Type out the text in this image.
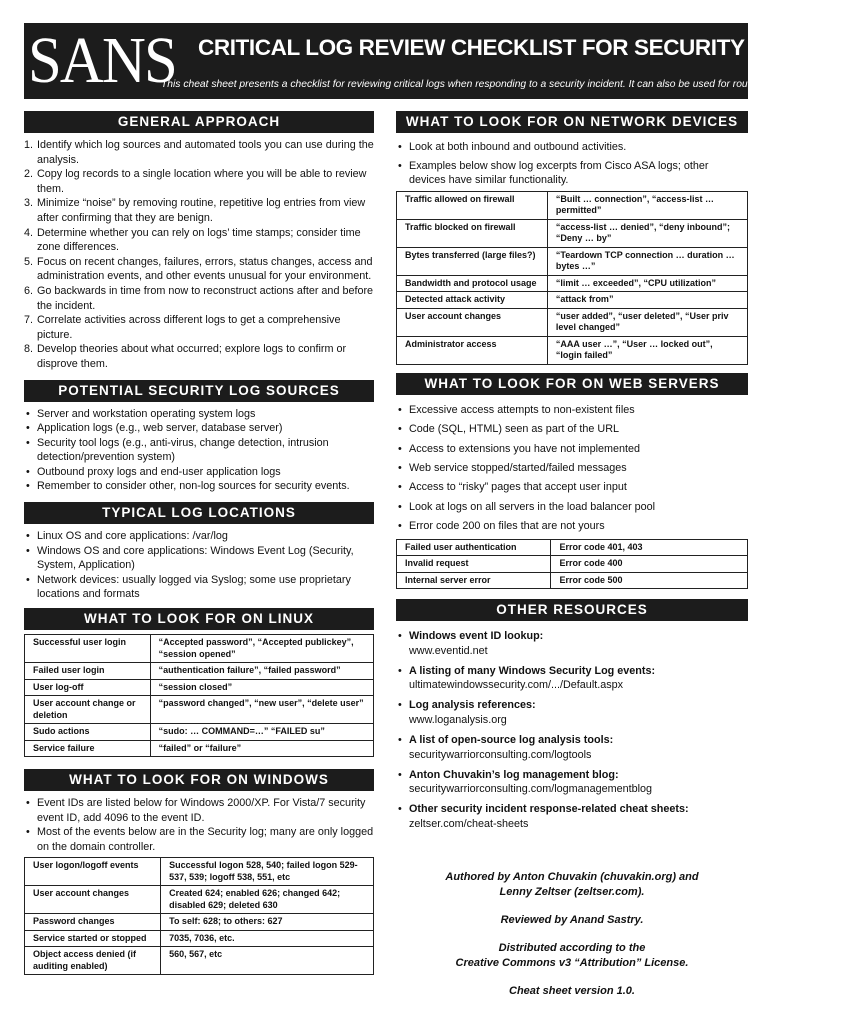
SANS CRITICAL LOG REVIEW CHECKLIST FOR SECURITY INCIDENTS
This cheat sheet presents a checklist for reviewing critical logs when responding to a security incident. It can also be used for routine log review.
GENERAL APPROACH
1. Identify which log sources and automated tools you can use during the analysis.
2. Copy log records to a single location where you will be able to review them.
3. Minimize “noise” by removing routine, repetitive log entries from view after confirming that they are benign.
4. Determine whether you can rely on logs’ time stamps; consider time zone differences.
5. Focus on recent changes, failures, errors, status changes, access and administration events, and other events unusual for your environment.
6. Go backwards in time from now to reconstruct actions after and before the incident.
7. Correlate activities across different logs to get a comprehensive picture.
8. Develop theories about what occurred; explore logs to confirm or disprove them.
POTENTIAL SECURITY LOG SOURCES
• Server and workstation operating system logs
• Application logs (e.g., web server, database server)
• Security tool logs (e.g., anti-virus, change detection, intrusion detection/prevention system)
• Outbound proxy logs and end-user application logs
• Remember to consider other, non-log sources for security events.
TYPICAL LOG LOCATIONS
• Linux OS and core applications: /var/log
• Windows OS and core applications: Windows Event Log (Security, System, Application)
• Network devices: usually logged via Syslog; some use proprietary locations and formats
WHAT TO LOOK FOR ON LINUX
Successful user login	“Accepted password”, “Accepted publickey”, “session opened”
Failed user login	“authentication failure”, “failed password”
User log-off	“session closed”
User account change or deletion	“password changed”, “new user”, “delete user”
Sudo actions	“sudo: … COMMAND=…” “FAILED su”
Service failure	“failed” or “failure”
WHAT TO LOOK FOR ON WINDOWS
• Event IDs are listed below for Windows 2000/XP. For Vista/7 security event ID, add 4096 to the event ID.
• Most of the events below are in the Security log; many are only logged on the domain controller.
User logon/logoff events	Successful logon 528, 540; failed logon 529-537, 539; logoff 538, 551, etc
User account changes	Created 624; enabled 626; changed 642; disabled 629; deleted 630
Password changes	To self: 628; to others: 627
Service started or stopped	7035, 7036, etc.
Object access denied (if auditing enabled)	560, 567, etc
WHAT TO LOOK FOR ON NETWORK DEVICES
• Look at both inbound and outbound activities.
• Examples below show log excerpts from Cisco ASA logs; other devices have similar functionality.
Traffic allowed on firewall	“Built … connection”, “access-list … permitted”
Traffic blocked on firewall	“access-list … denied”, “deny inbound”; “Deny … by”
Bytes transferred (large files?)	“Teardown TCP connection … duration … bytes …”
Bandwidth and protocol usage	“limit … exceeded”, “CPU utilization”
Detected attack activity	“attack from”
User account changes	“user added”, “user deleted”, “User priv level changed”
Administrator access	“AAA user …”, “User … locked out”, “login failed”
WHAT TO LOOK FOR ON WEB SERVERS
• Excessive access attempts to non-existent files
• Code (SQL, HTML) seen as part of the URL
• Access to extensions you have not implemented
• Web service stopped/started/failed messages
• Access to “risky” pages that accept user input
• Look at logs on all servers in the load balancer pool
• Error code 200 on files that are not yours
Failed user authentication	Error code 401, 403
Invalid request	Error code 400
Internal server error	Error code 500
OTHER RESOURCES
• Windows event ID lookup:
www.eventid.net
• A listing of many Windows Security Log events:
ultimatewindowssecurity.com/.../Default.aspx
• Log analysis references:
www.loganalysis.org
• A list of open-source log analysis tools:
securitywarriorconsulting.com/logtools
• Anton Chuvakin’s log management blog:
securitywarriorconsulting.com/logmanagementblog
• Other security incident response-related cheat sheets:
zeltser.com/cheat-sheets

Authored by Anton Chuvakin (chuvakin.org) and
Lenny Zeltser (zeltser.com).

Reviewed by Anand Sastry.

Distributed according to the
Creative Commons v3 “Attribution” License.

Cheat sheet version 1.0.
